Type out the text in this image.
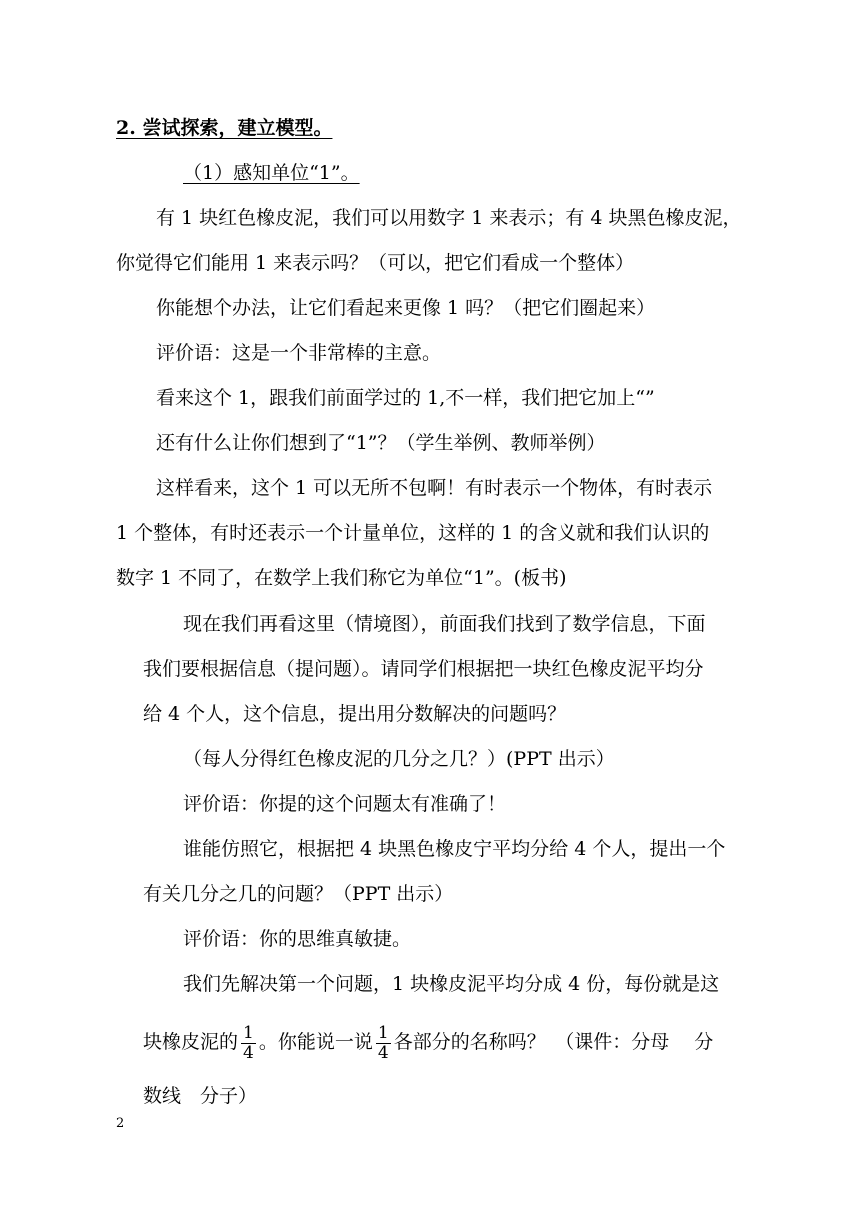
2. 尝试探索，建立模型。
（1）感知单位“1”。
有 1 块红色橡皮泥，我们可以用数字 1 来表示；有 4 块黑色橡皮泥，
你觉得它们能用 1 来表示吗？（可以，把它们看成一个整体）
你能想个办法，让它们看起来更像 1 吗？（把它们圈起来）
评价语：这是一个非常棒的主意。
看来这个 1，跟我们前面学过的 1,不一样，我们把它加上“”
还有什么让你们想到了“1”？（学生举例、教师举例）
这样看来，这个 1 可以无所不包啊！有时表示一个物体，有时表示
1 个整体，有时还表示一个计量单位，这样的 1 的含义就和我们认识的
数字 1 不同了，在数学上我们称它为单位“1”。(板书)
现在我们再看这里（情境图），前面我们找到了数学信息，下面
我们要根据信息（提问题）。请同学们根据把一块红色橡皮泥平均分
给 4 个人，这个信息，提出用分数解决的问题吗？
（每人分得红色橡皮泥的几分之几？）(PPT 出示）
评价语：你提的这个问题太有准确了！
谁能仿照它，根据把 4 块黑色橡皮宁平均分给 4 个人，提出一个
有关几分之几的问题？（PPT 出示）
评价语：你的思维真敏捷。
我们先解决第一个问题，1 块橡皮泥平均分成 4 份，每份就是这
块橡皮泥的 $\frac{1}{4}$ 。你能说一说 $\frac{1}{4}$ 各部分的名称吗？　（课件：分母　 分
数线　分子）
2
